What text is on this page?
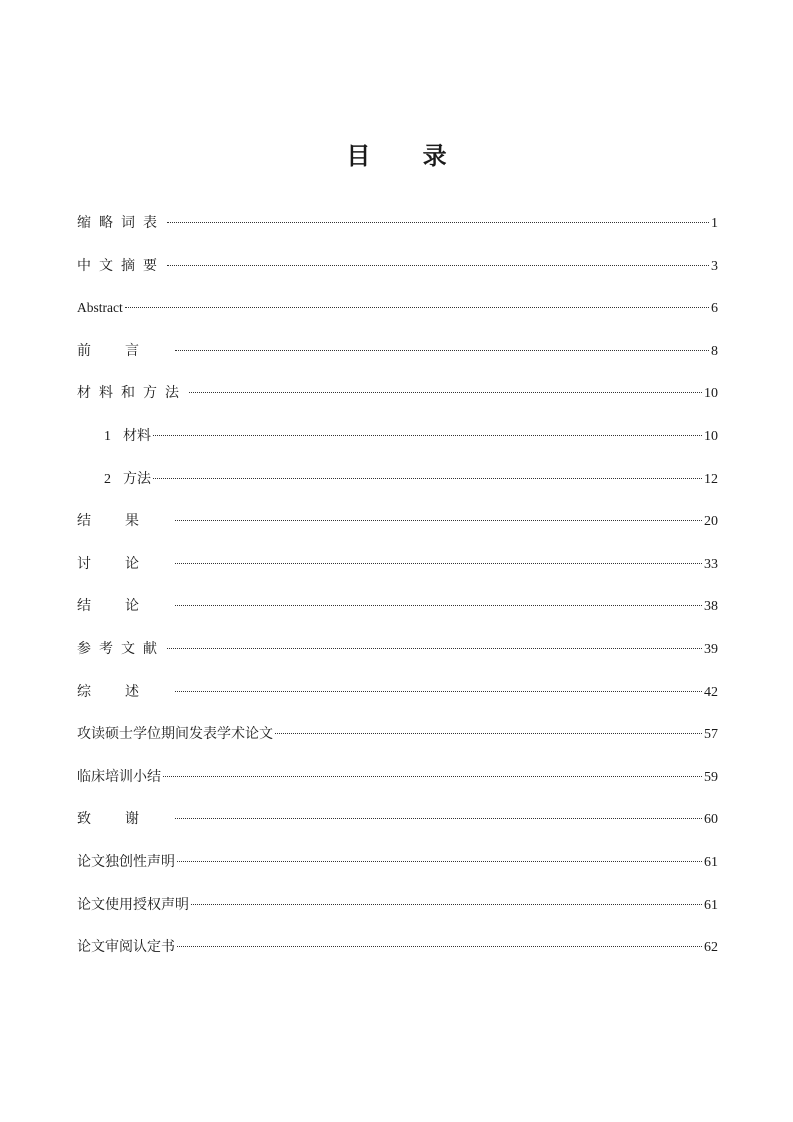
目 录
缩略词表	1
中文摘要	3
Abstract	6
前言	8
材料和方法	10
1 材料	10
2 方法	12
结果	20
讨论	33
结论	38
参考文献	39
综述	42
攻读硕士学位期间发表学术论文	57
临床培训小结	59
致谢	60
论文独创性声明	61
论文使用授权声明	61
论文审阅认定书	62
